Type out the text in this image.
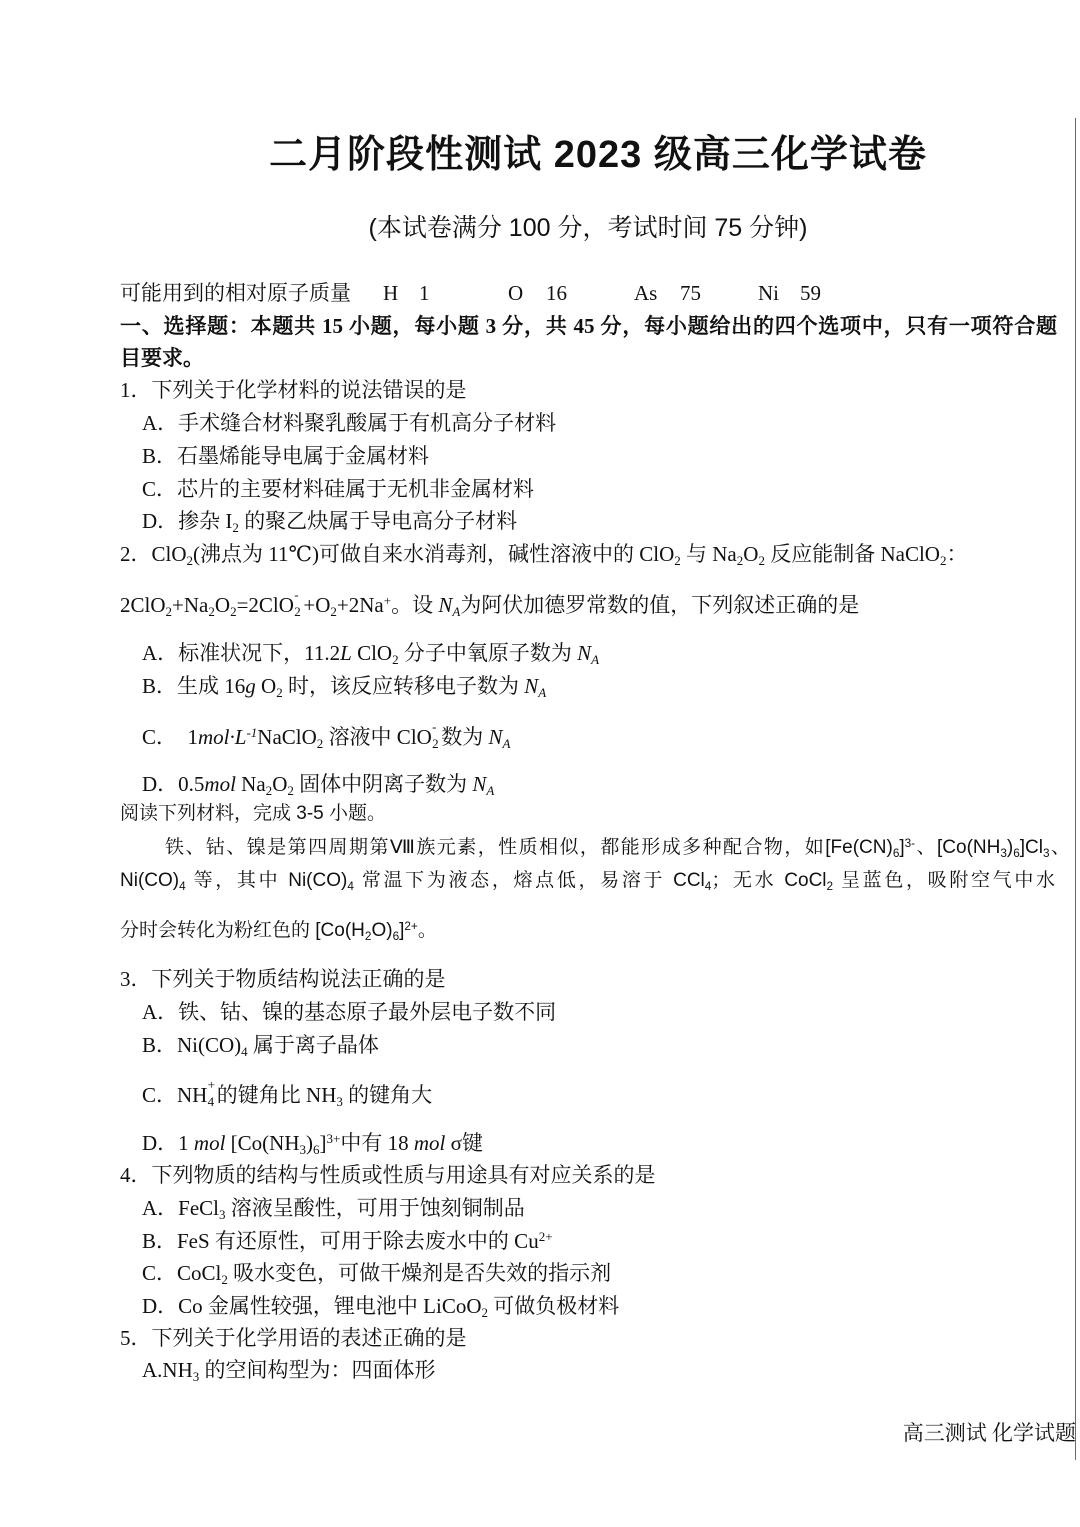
二月阶段性测试 2023 级高三化学试卷
(本试卷满分 100 分，考试时间 75 分钟)
可能用到的相对原子质量 H 1	O 16	As 75	Ni 59
一、选择题：本题共 15 小题，每小题 3 分，共 45 分，每小题给出的四个选项中，只有一项符合题
目要求。
1．下列关于化学材料的说法错误的是
A．手术缝合材料聚乳酸属于有机高分子材料
B．石墨烯能导电属于金属材料
C．芯片的主要材料硅属于无机非金属材料
D．掺杂 $I_2$ 的聚乙炔属于导电高分子材料
2．ClO$_2$(沸点为 11℃)可做自来水消毒剂，碱性溶液中的 ClO$_2$ 与 $Na_2O_2$ 反应能制备 NaClO$_2$：
$2ClO_2+Na_2O_2=2ClO$ -
$2 +O_2+2Na^+$。设 $N_A$为阿伏加德罗常数的值，下列叙述正确的是
A．标准状况下，11.2L ClO$_2$ 分子中氧原子数为 $N_A$
B．生成 16g $O_2$ 时，该反应转移电子数为 $N_A$
C．　$1mol\cdot L^{-1}NaClO_2$ 溶液中 ClO -
2 数为 $N_A$
D．0.5mol $Na_2O_2$ 固体中阴离子数为 $N_A$
阅读下列材料，完成 3-5 小题。
铁、钴、镍是第四周期第Ⅷ族元素，性质相似，都能形成多种配合物，如$[Fe(CN)_6]^{3-}$、$[Co(NH_3)_6]Cl_3$、
$Ni(CO)_4$ 等，其中 $Ni(CO)_4$ 常温下为液态，熔点低，易溶于 CCl$_4$；无水 CoCl$_2$ 呈蓝色，吸附空气中水
分时会转化为粉红色的 $[Co(H_2O)_6]^{2+}$。
3．下列关于物质结构说法正确的是
A．铁、钴、镍的基态原子最外层电子数不同
B．$Ni(CO)_4$ 属于离子晶体
C．NH +
4 的键角比 $NH_3$ 的键角大
D．1 mol $[Co(NH_3)_6]^{3+}$中有 18 mol σ键
4．下列物质的结构与性质或性质与用途具有对应关系的是
A．FeCl$_3$ 溶液呈酸性，可用于蚀刻铜制品
B．FeS 有还原性，可用于除去废水中的 $Cu^{2+}$
C．CoCl$_2$ 吸水变色，可做干燥剂是否失效的指示剂
D．Co 金属性较强，锂电池中 LiCoO$_2$ 可做负极材料
5．下列关于化学用语的表述正确的是
$A.NH_3$ 的空间构型为：四面体形
高三测试 化学试题
